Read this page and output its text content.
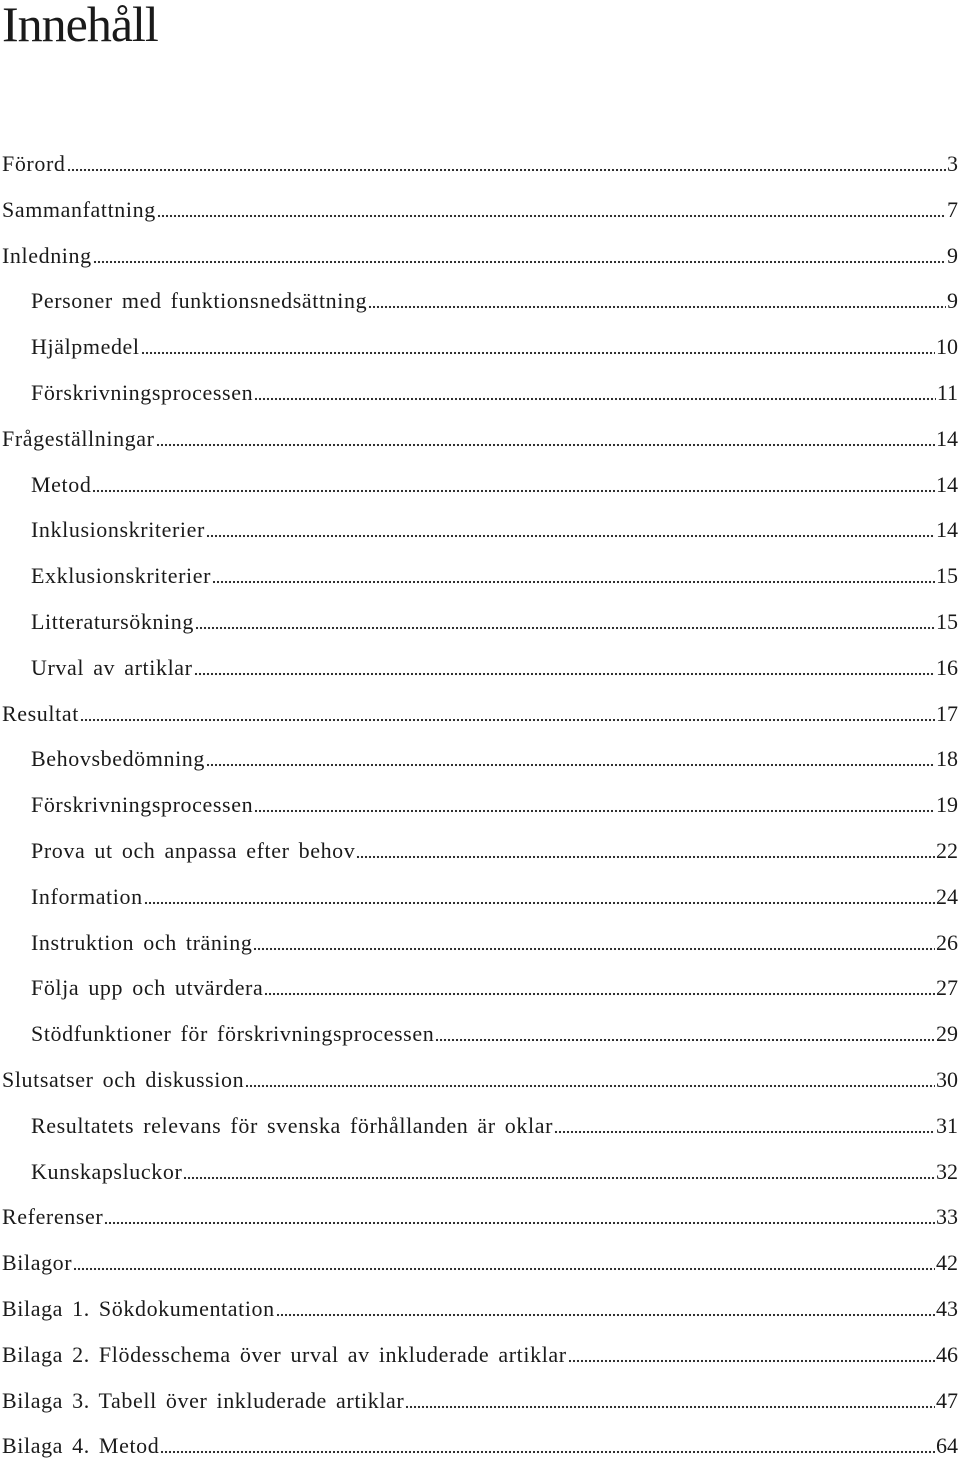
Innehåll
Förord	3
Sammanfattning	7
Inledning	9
Personer med funktionsnedsättning	9
Hjälpmedel	10
Förskrivningsprocessen	11
Frågeställningar	14
Metod	14
Inklusionskriterier	14
Exklusionskriterier	15
Litteratursökning	15
Urval av artiklar	16
Resultat	17
Behovsbedömning	18
Förskrivningsprocessen	19
Prova ut och anpassa efter behov	22
Information	24
Instruktion och träning	26
Följa upp och utvärdera	27
Stödfunktioner för förskrivningsprocessen	29
Slutsatser och diskussion	30
Resultatets relevans för svenska förhållanden är oklar	31
Kunskapsluckor	32
Referenser	33
Bilagor	42
Bilaga 1. Sökdokumentation	43
Bilaga 2. Flödesschema över urval av inkluderade artiklar	46
Bilaga 3. Tabell över inkluderade artiklar	47
Bilaga 4. Metod	64
